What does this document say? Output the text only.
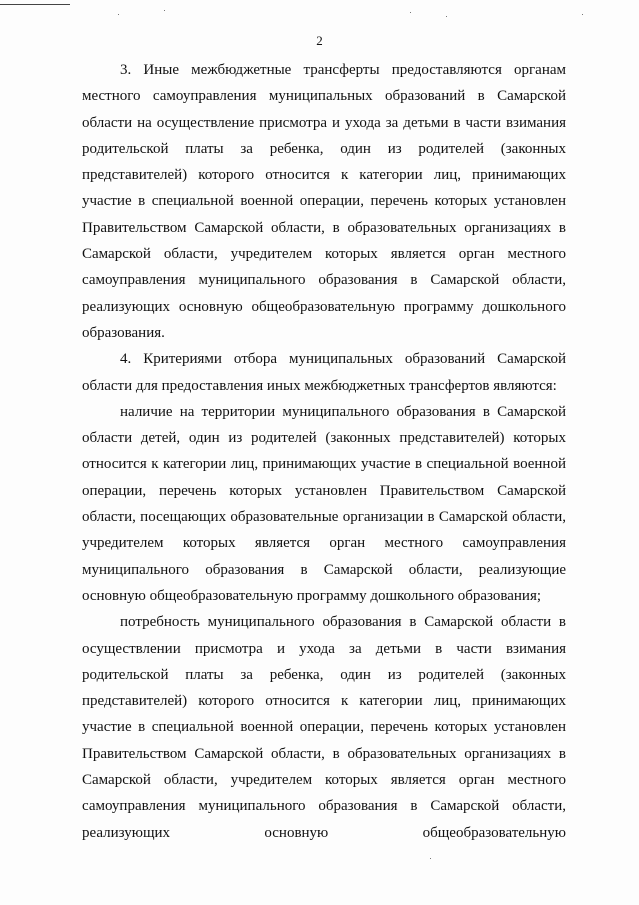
2

3. Иные межбюджетные трансферты предоставляются органам местного самоуправления муниципальных образований в Самарской области на осуществление присмотра и ухода за детьми в части взимания родительской платы за ребенка, один из родителей (законных представителей) которого относится к категории лиц, принимающих участие в специальной военной операции, перечень которых установлен Правительством Самарской области, в образовательных организациях в Самарской области, учредителем которых является орган местного самоуправления муниципального образования в Самарской области, реализующих основную общеобразовательную программу дошкольного образования.

4. Критериями отбора муниципальных образований Самарской области для предоставления иных межбюджетных трансфертов являются:

наличие на территории муниципального образования в Самарской области детей, один из родителей (законных представителей) которых относится к категории лиц, принимающих участие в специальной военной операции, перечень которых установлен Правительством Самарской области, посещающих образовательные организации в Самарской области, учредителем которых является орган местного самоуправления муниципального образования в Самарской области, реализующие основную общеобразовательную программу дошкольного образования;

потребность муниципального образования в Самарской области в осуществлении присмотра и ухода за детьми в части взимания родительской платы за ребенка, один из родителей (законных представителей) которого относится к категории лиц, принимающих участие в специальной военной операции, перечень которых установлен Правительством Самарской области, в образовательных организациях в Самарской области, учредителем которых является орган местного самоуправления муниципального образования в Самарской области, реализующих основную общеобразовательную
